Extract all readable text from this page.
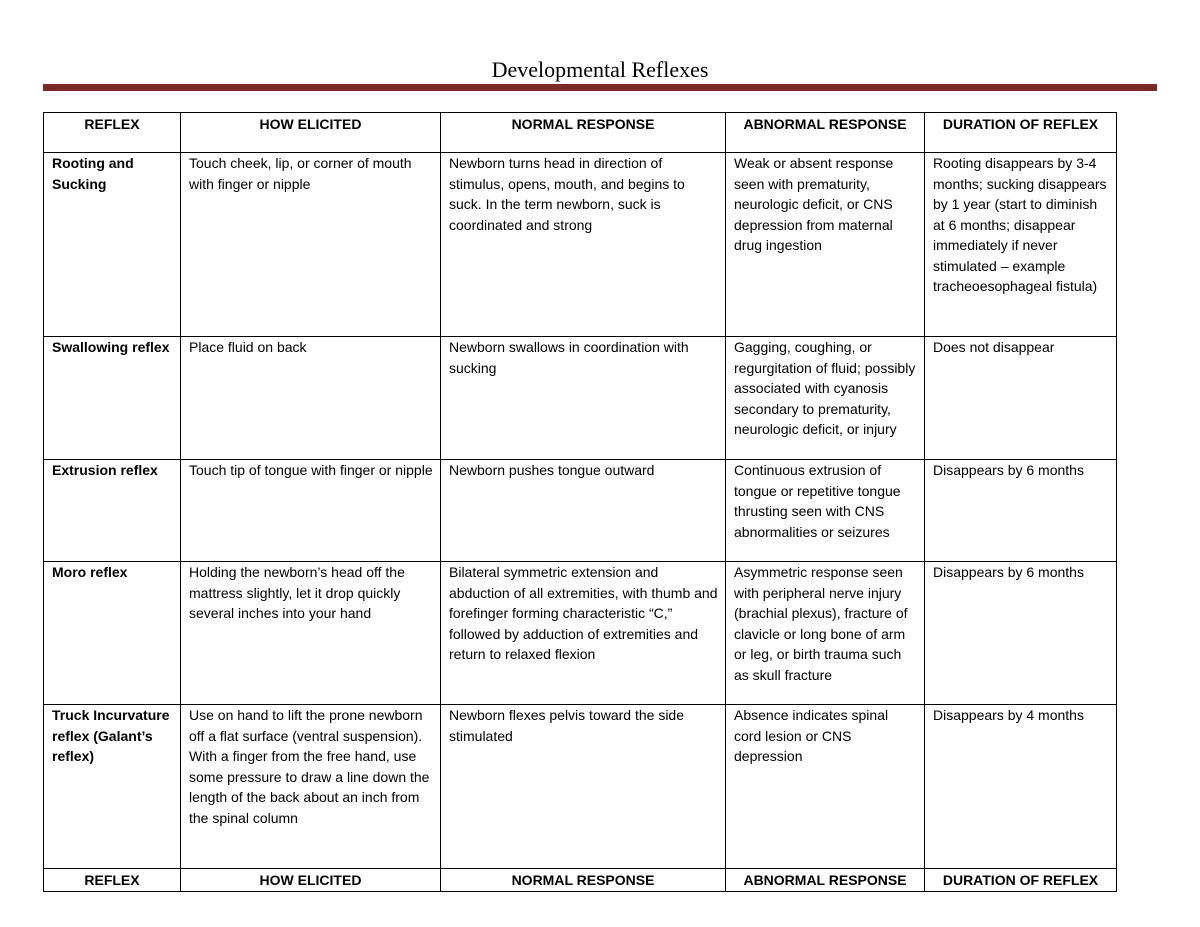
Developmental Reflexes
REFLEX	HOW ELICITED	NORMAL RESPONSE	ABNORMAL RESPONSE	DURATION OF REFLEX
Rooting and Sucking	Touch cheek, lip, or corner of mouth with finger or nipple	Newborn turns head in direction of stimulus, opens, mouth, and begins to suck. In the term newborn, suck is coordinated and strong	Weak or absent response seen with prematurity, neurologic deficit, or CNS depression from maternal drug ingestion	Rooting disappears by 3-4 months; sucking disappears by 1 year (start to diminish at 6 months; disappear immediately if never stimulated – example tracheoesophageal fistula)
Swallowing reflex	Place fluid on back	Newborn swallows in coordination with sucking	Gagging, coughing, or regurgitation of fluid; possibly associated with cyanosis secondary to prematurity, neurologic deficit, or injury	Does not disappear
Extrusion reflex	Touch tip of tongue with finger or nipple	Newborn pushes tongue outward	Continuous extrusion of tongue or repetitive tongue thrusting seen with CNS abnormalities or seizures	Disappears by 6 months
Moro reflex	Holding the newborn’s head off the mattress slightly, let it drop quickly several inches into your hand	Bilateral symmetric extension and abduction of all extremities, with thumb and forefinger forming characteristic “C,” followed by adduction of extremities and return to relaxed flexion	Asymmetric response seen with peripheral nerve injury (brachial plexus), fracture of clavicle or long bone of arm or leg, or birth trauma such as skull fracture	Disappears by 6 months
Truck Incurvature reflex (Galant’s reflex)	Use on hand to lift the prone newborn off a flat surface (ventral suspension). With a finger from the free hand, use some pressure to draw a line down the length of the back about an inch from the spinal column	Newborn flexes pelvis toward the side stimulated	Absence indicates spinal cord lesion or CNS depression	Disappears by 4 months
REFLEX	HOW ELICITED	NORMAL RESPONSE	ABNORMAL RESPONSE	DURATION OF REFLEX
